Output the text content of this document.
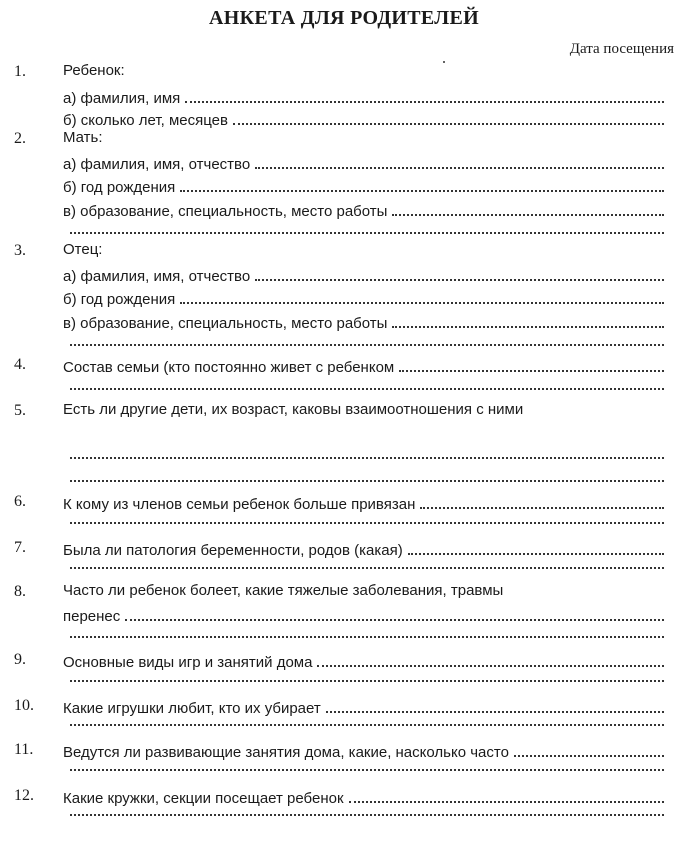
АНКЕТА ДЛЯ РОДИТЕЛЕЙ
Дата посещения
1. Ребенок:
а) фамилия, имя
б) сколько лет, месяцев
2. Мать:
а) фамилия, имя, отчество
б) год рождения
в) образование, специальность, место работы
3. Отец:
а) фамилия, имя, отчество
б) год рождения
в) образование, специальность, место работы
4. Состав семьи (кто постоянно живет с ребенком
5. Есть ли другие дети, их возраст, каковы взаимоотношения с ними
6. К кому из членов семьи ребенок больше привязан
7. Была ли патология беременности, родов (какая)
8. Часто ли ребенок болеет, какие тяжелые заболевания, травмы
перенес
9. Основные виды игр и занятий дома
10. Какие игрушки любит, кто их убирает
11. Ведутся ли развивающие занятия дома, какие, насколько часто
12. Какие кружки, секции посещает ребенок
